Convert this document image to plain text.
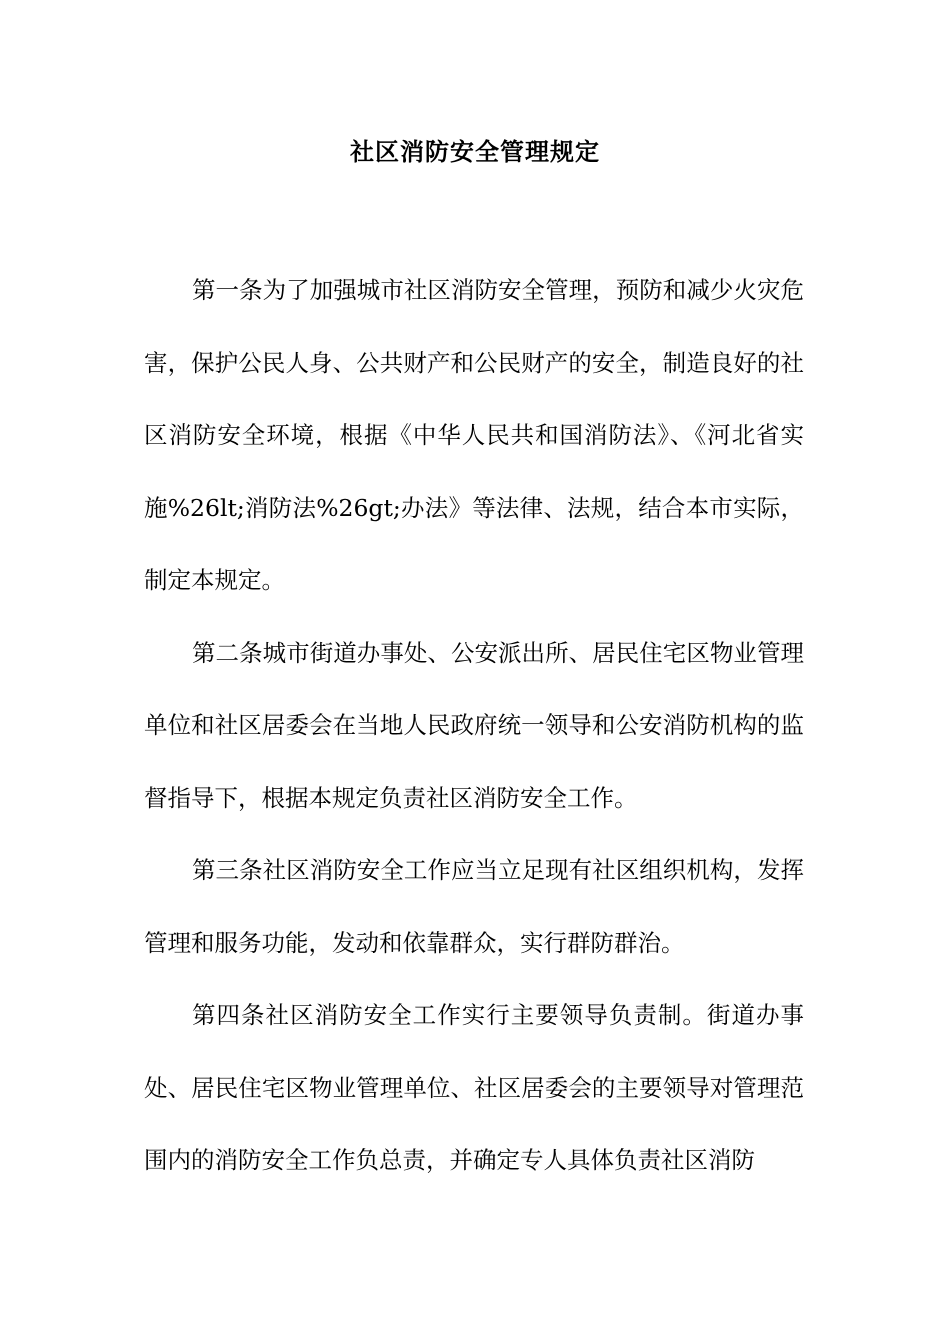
社区消防安全管理规定

第一条为了加强城市社区消防安全管理，预防和减少火灾危害，保护公民人身、公共财产和公民财产的安全，制造良好的社区消防安全环境，根据《中华人民共和国消防法》、《河北省实施%26lt;消防法%26gt;办法》等法律、法规，结合本市实际，制定本规定。

第二条城市街道办事处、公安派出所、居民住宅区物业管理单位和社区居委会在当地人民政府统一领导和公安消防机构的监督指导下，根据本规定负责社区消防安全工作。

第三条社区消防安全工作应当立足现有社区组织机构，发挥管理和服务功能，发动和依靠群众，实行群防群治。

第四条社区消防安全工作实行主要领导负责制。街道办事处、居民住宅区物业管理单位、社区居委会的主要领导对管理范围内的消防安全工作负总责，并确定专人具体负责社区消防
